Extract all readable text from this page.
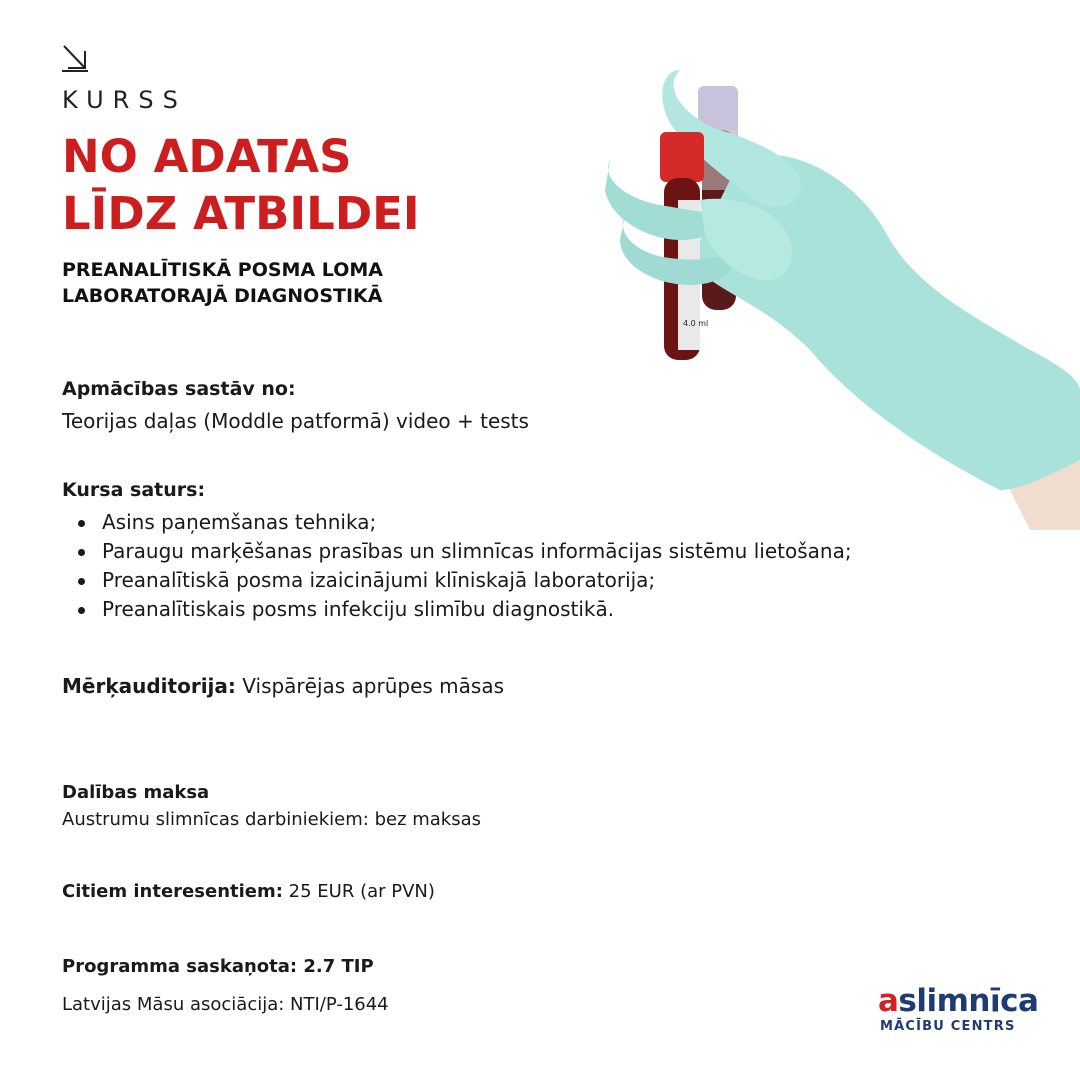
KURSS
NO ADATAS
LĪDZ ATBILDEI
PREANALĪTISKĀ POSMA LOMA
LABORATORAJĀ DIAGNOSTIKĀ
4.0 ml
Apmācības sastāv no:
Teorijas daļas (Moddle patformā) video + tests
Kursa saturs:
Asins paņemšanas tehnika;
Paraugu marķēšanas prasības un slimnīcas informācijas sistēmu lietošana;
Preanalītiskā posma izaicinājumi klīniskajā laboratorija;
Preanalītiskais posms infekciju slimību diagnostikā.
Mērķauditorija: Vispārējas aprūpes māsas
Dalības maksa
Austrumu slimnīcas darbiniekiem: bez maksas
Citiem interesentiem: 25 EUR (ar PVN)
Programma saskaņota: 2.7 TIP
Latvijas Māsu asociācija: NTI/P-1644	aslimnīca
MĀCĪBU CENTRS
